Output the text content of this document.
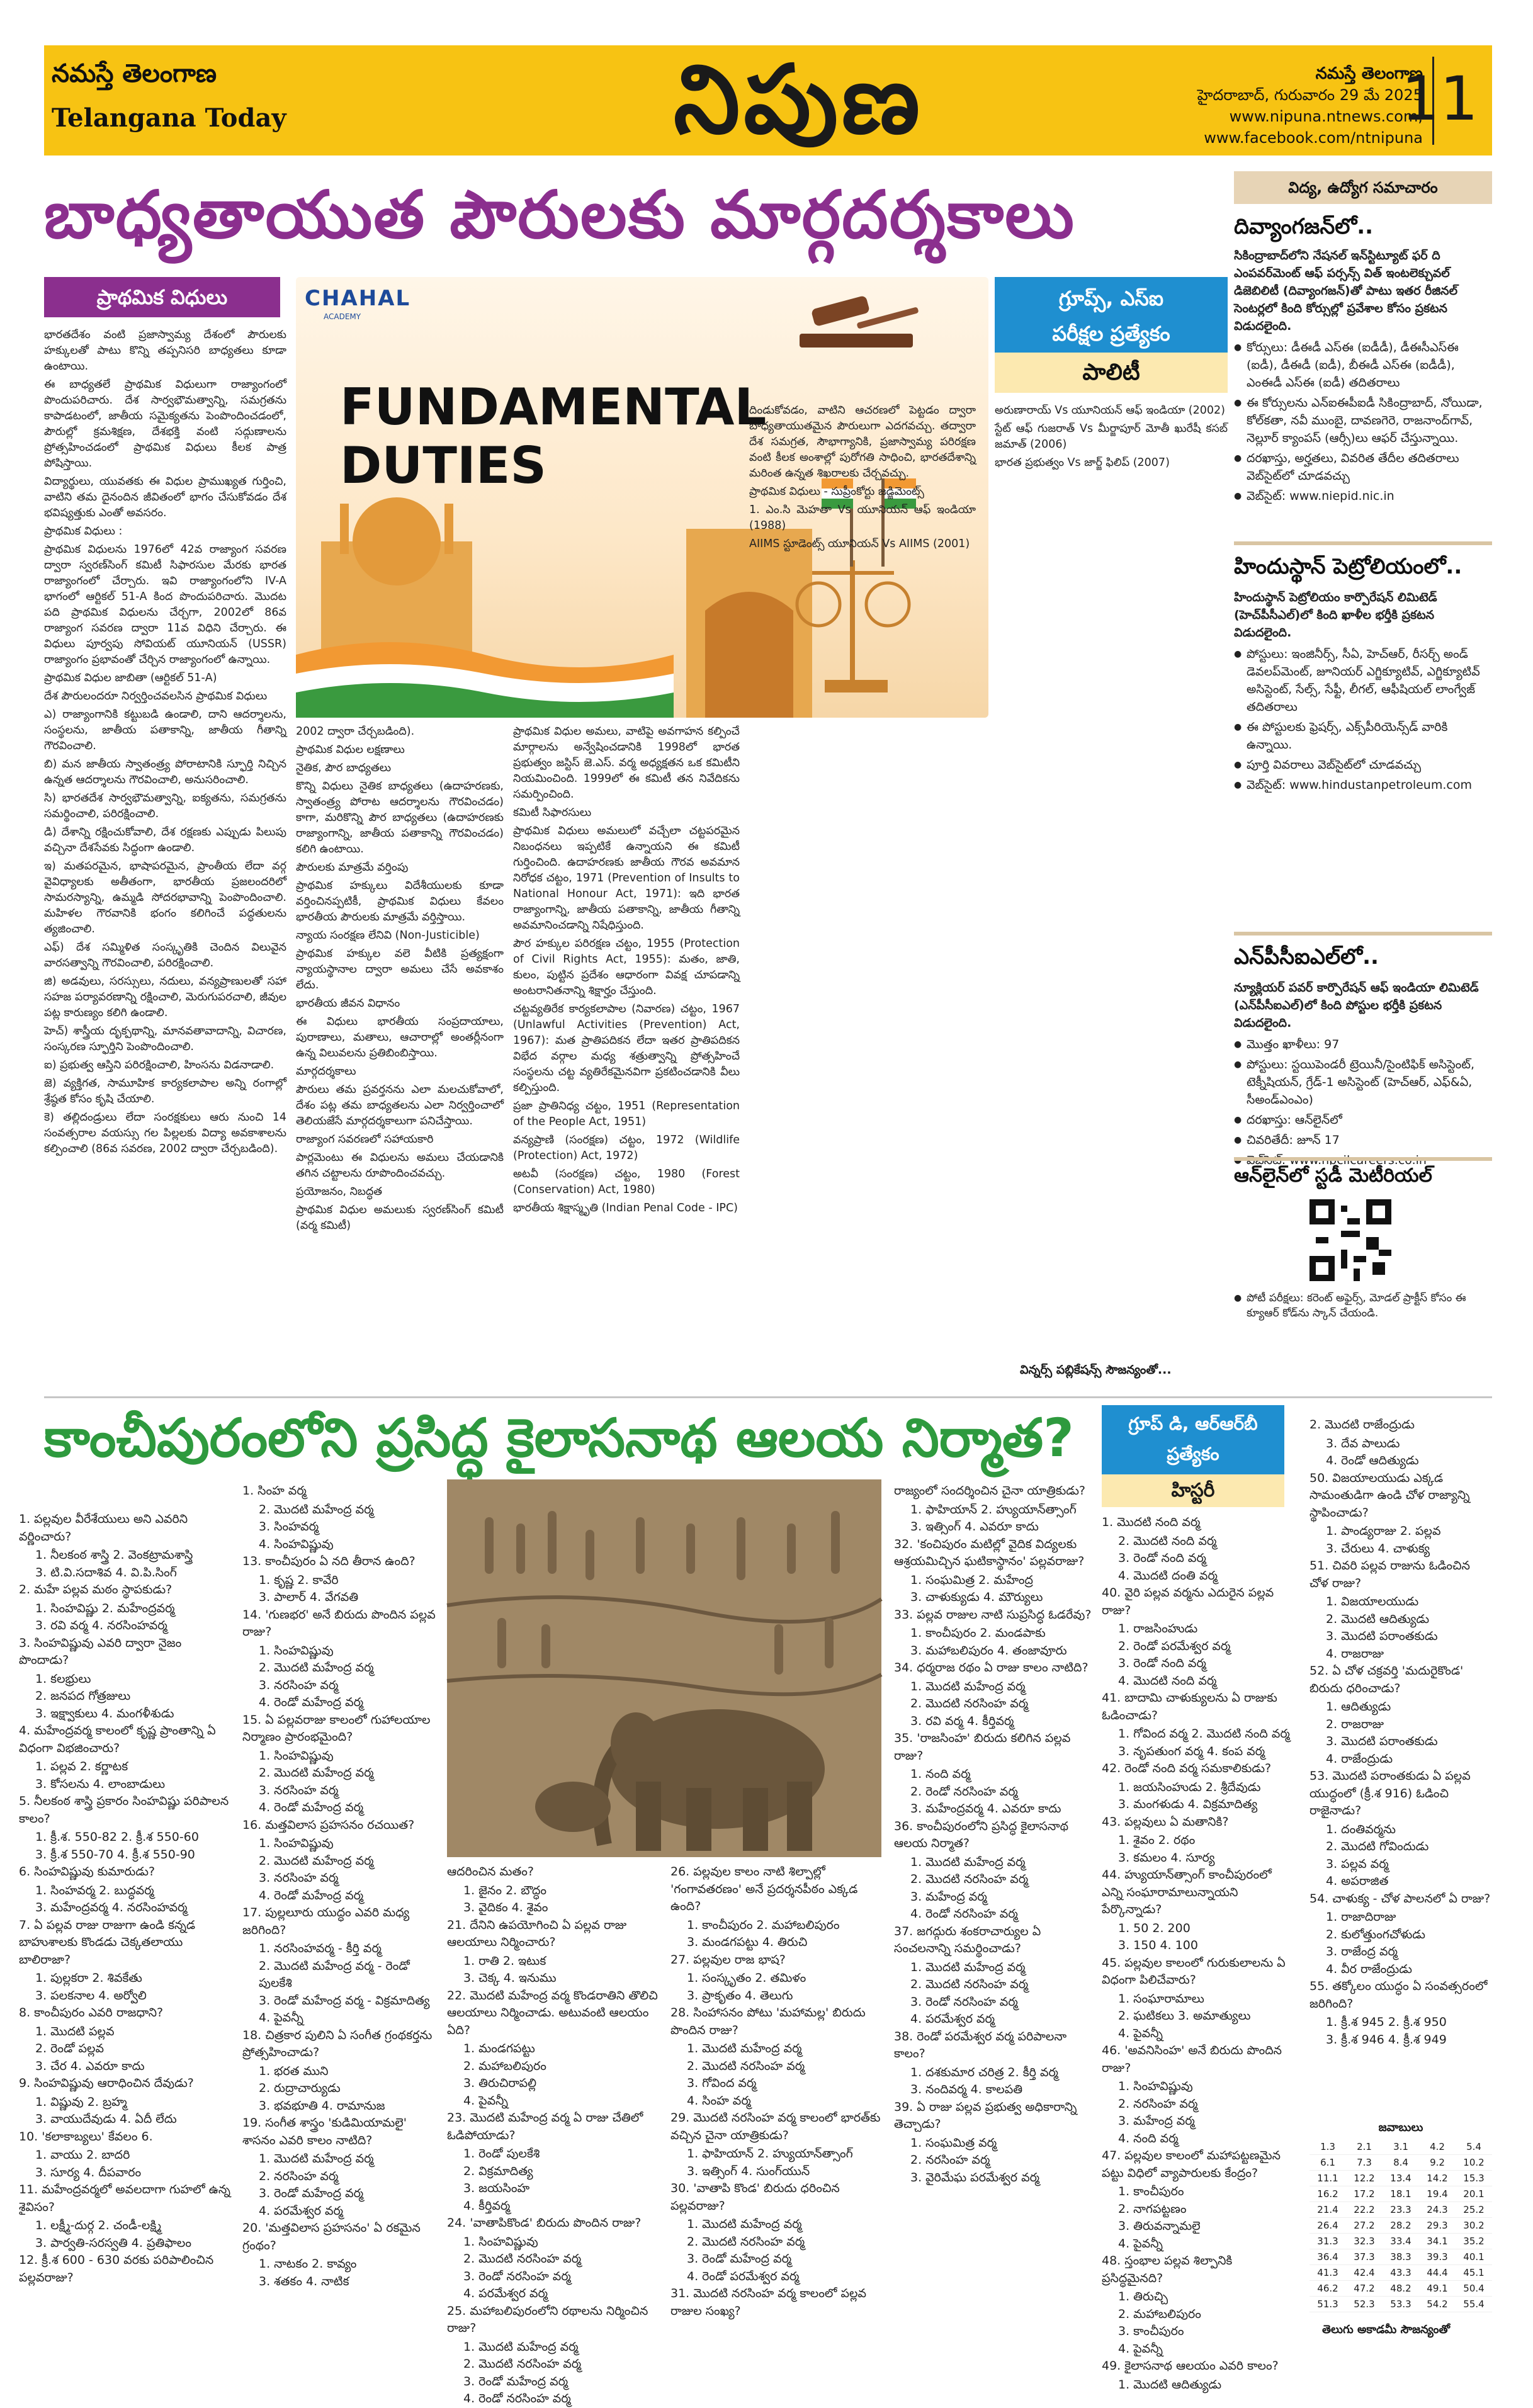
నమస్తే తెలంగాణ
Telangana Today	నిపుణ	నమస్తే తెలంగాణ
హైదరాబాద్, గురువారం 29 మే 2025
www.nipuna.ntnews.com,
www.facebook.com/ntnipuna
11
బాధ్యతాయుత పౌరులకు మార్గదర్శకాలు
ప్రాథమిక విధులు

భారతదేశం వంటి ప్రజాస్వామ్య దేశంలో పౌరులకు హక్కులతో పాటు కొన్ని తప్పనిసరి బాధ్యతలు కూడా ఉంటాయి.

ఈ బాధ్యతలే ప్రాథమిక విధులుగా రాజ్యాంగంలో పొందుపరిచారు. దేశ సార్వభౌమత్వాన్ని, సమగ్రతను కాపాడటంలో, జాతీయ సమైక్యతను పెంపొందించడంలో, పౌరుల్లో క్రమశిక్షణ, దేశభక్తి వంటి సద్గుణాలను ప్రోత్సహించడంలో ప్రాథమిక విధులు కీలక పాత్ర పోషిస్తాయి.

విద్యార్థులు, యువతకు ఈ విధుల ప్రాముఖ్యత గుర్తించి, వాటిని తమ దైనందిన జీవితంలో భాగం చేసుకోవడం దేశ భవిష్యత్తుకు ఎంతో అవసరం.

ప్రాథమిక విధులు :

ప్రాథమిక విధులను 1976లో 42వ రాజ్యాంగ సవరణ ద్వారా స్వరణ్‌సింగ్ కమిటీ సిఫారసుల మేరకు భారత రాజ్యాంగంలో చేర్చారు. ఇవి రాజ్యాంగంలోని IV-A భాగంలో ఆర్టికల్ 51-A కింద పొందుపరిచారు. మొదట పది ప్రాథమిక విధులను చేర్చగా, 2002లో 86వ రాజ్యాంగ సవరణ ద్వారా 11వ విధిని చేర్చారు. ఈ విధులు పూర్వపు సోవియట్ యూనియన్ (USSR) రాజ్యాంగం ప్రభావంతో చేర్చిన రాజ్యాంగంలో ఉన్నాయి.

ప్రాథమిక విధుల జాబితా (ఆర్టికల్ 51-A)

దేశ పౌరులందరూ నిర్వర్తించవలసిన ప్రాథమిక విధులు

ఎ) రాజ్యాంగానికి కట్టుబడి ఉండాలి, దాని ఆదర్శాలను, సంస్థలను, జాతీయ పతాకాన్ని, జాతీయ గీతాన్ని గౌరవించాలి.

బి) మన జాతీయ స్వాతంత్ర్య పోరాటానికి స్ఫూర్తి నిచ్చిన ఉన్నత ఆదర్శాలను గౌరవించాలి, అనుసరించాలి.

సి) భారతదేశ సార్వభౌమత్వాన్ని, ఐక్యతను, సమగ్రతను సమర్థించాలి, పరిరక్షించాలి.

డి) దేశాన్ని రక్షించుకోవాలి, దేశ రక్షణకు ఎప్పుడు పిలుపు వచ్చినా దేశసేవకు సిద్ధంగా ఉండాలి.

ఇ) మతపరమైన, భాషాపరమైన, ప్రాంతీయ లేదా వర్గ వైవిధ్యాలకు అతీతంగా, భారతీయ ప్రజలందరిలో సామరస్యాన్ని, ఉమ్మడి సోదరభావాన్ని పెంపొందించాలి. మహిళల గౌరవానికి భంగం కలిగించే పద్ధతులను త్యజించాలి.

ఎఫ్) దేశ సమ్మిళిత సంస్కృతికి చెందిన విలువైన వారసత్వాన్ని గౌరవించాలి, పరిరక్షించాలి.

జి) అడవులు, సరస్సులు, నదులు, వన్యప్రాణులతో సహా సహజ పర్యావరణాన్ని రక్షించాలి, మెరుగుపరచాలి, జీవుల పట్ల కారుణ్యం కలిగి ఉండాలి.

హెచ్) శాస్త్రీయ దృక్పథాన్ని, మానవతావాదాన్ని, విచారణ, సంస్కరణ స్ఫూర్తిని పెంపొందించాలి.

ఐ) ప్రభుత్వ ఆస్తిని పరిరక్షించాలి, హింసను విడనాడాలి.

జె) వ్యక్తిగత, సామూహిక కార్యకలాపాల అన్ని రంగాల్లో శ్రేష్ఠత కోసం కృషి చేయాలి.

కె) తల్లిదండ్రులు లేదా సంరక్షకులు ఆరు నుంచి 14 సంవత్సరాల వయస్సు గల పిల్లలకు విద్యా అవకాశాలను కల్పించాలి (86వ సవరణ, 2002 ద్వారా చేర్చబడింది).

CHAHAL
ACADEMY
FUNDAMENTAL DUTIES

2002 ద్వారా చేర్చబడింది).

ప్రాథమిక విధుల లక్షణాలు

నైతిక, పౌర బాధ్యతలు

కొన్ని విధులు నైతిక బాధ్యతలు (ఉదాహరణకు, స్వాతంత్ర్య పోరాట ఆదర్శాలను గౌరవించడం) కాగా, మరికొన్ని పౌర బాధ్యతలు (ఉదాహరణకు రాజ్యాంగాన్ని, జాతీయ పతాకాన్ని గౌరవించడం) కలిగి ఉంటాయి.

పౌరులకు మాత్రమే వర్తింపు

ప్రాథమిక హక్కులు విదేశీయులకు కూడా వర్తించినప్పటికీ, ప్రాథమిక విధులు కేవలం భారతీయ పౌరులకు మాత్రమే వర్తిస్తాయి.

న్యాయ సంరక్షణ లేనివి (Non-Justicible)

ప్రాథమిక హక్కుల వలె వీటికి ప్రత్యక్షంగా న్యాయస్థానాల ద్వారా అమలు చేసే అవకాశం లేదు.

భారతీయ జీవన విధానం

ఈ విధులు భారతీయ సంప్రదాయాలు, పురాణాలు, మతాలు, ఆచారాల్లో అంతర్లీనంగా ఉన్న విలువలను ప్రతిబింబిస్తాయి.

మార్గదర్శకాలు

పౌరులు తమ ప్రవర్తనను ఎలా మలచుకోవాలో, దేశం పట్ల తమ బాధ్యతలను ఎలా నిర్వర్తించాలో తెలియజేసే మార్గదర్శకాలుగా పనిచేస్తాయి.

రాజ్యాంగ సవరణలో సహాయకారి

పార్లమెంటు ఈ విధులను అమలు చేయడానికి తగిన చట్టాలను రూపొందించవచ్చు.

ప్రయోజనం, నిబద్ధత

ప్రాథమిక విధుల అమలుకు స్వరణ్‌సింగ్ కమిటీ (వర్మ కమిటీ)

ప్రాథమిక విధుల అమలు, వాటిపై అవగాహన కల్పించే మార్గాలను అన్వేషించడానికి 1998లో భారత ప్రభుత్వం జస్టిస్ జె.ఎస్. వర్మ అధ్యక్షతన ఒక కమిటీని నియమించింది. 1999లో ఈ కమిటీ తన నివేదికను సమర్పించింది.

కమిటీ సిఫారసులు

ప్రాథమిక విధులు అమలులో వచ్చేలా చట్టపరమైన నిబంధనలు ఇప్పటికే ఉన్నాయని ఈ కమిటీ గుర్తించింది. ఉదాహరణకు జాతీయ గౌరవ అవమాన నిరోధక చట్టం, 1971 (Prevention of Insults to National Honour Act, 1971): ఇది భారత రాజ్యాంగాన్ని, జాతీయ పతాకాన్ని, జాతీయ గీతాన్ని అవమానించడాన్ని నిషేధిస్తుంది.

పౌర హక్కుల పరిరక్షణ చట్టం, 1955 (Protection of Civil Rights Act, 1955): మతం, జాతి, కులం, పుట్టిన ప్రదేశం ఆధారంగా వివక్ష చూపడాన్ని అంటరానితనాన్ని శిక్షార్హం చేస్తుంది.

చట్టవ్యతిరేక కార్యకలాపాల (నివారణ) చట్టం, 1967 (Unlawful Activities (Prevention) Act, 1967): మత ప్రాతిపదికన లేదా ఇతర ప్రాతిపదికన విభేద వర్గాల మధ్య శత్రుత్వాన్ని ప్రోత్సహించే సంస్థలను చట్ట వ్యతిరేకమైనవిగా ప్రకటించడానికి వీలు కల్పిస్తుంది.

ప్రజా ప్రాతినిధ్య చట్టం, 1951 (Representation of the People Act, 1951)

వన్యప్రాణి (సంరక్షణ) చట్టం, 1972 (Wildlife (Protection) Act, 1972)

అటవీ (సంరక్షణ) చట్టం, 1980 (Forest (Conservation) Act, 1980)

భారతీయ శిక్షాస్మృతి (Indian Penal Code - IPC)

గ్రూప్స్, ఎస్‌ఐ
పరీక్షల ప్రత్యేకం
పాలిటీ

దిండుకోవడం, వాటిని ఆచరణలో పెట్టడం ద్వారా బాధ్యతాయుతమైన పౌరులుగా ఎదగవచ్చు. తద్వారా దేశ సమగ్రత, సౌభాగ్యానికి, ప్రజాస్వామ్య పరిరక్షణ వంటి కీలక అంశాల్లో పురోగతి సాధించి, భారతదేశాన్ని మరింత ఉన్నత శిఖరాలకు చేర్చవచ్చు.

ప్రాథమిక విధులు - సుప్రీంకోర్టు జడ్జిమెంట్స్

1. ఎం.సి మెహతా Vs యూనియన్ ఆఫ్ ఇండియా (1988)

AIIMS స్టూడెంట్స్ యూనియన్ Vs AIIMS (2001)

అరుణారాయ్ Vs యూనియన్ ఆఫ్ ఇండియా (2002)

స్టేట్ ఆఫ్ గుజరాత్ Vs మీర్జాపూర్ మోతీ ఖురేషీ కసబ్ జమాత్ (2006)

భారత ప్రభుత్వం Vs జార్జ్ ఫిలిప్ (2007)

విన్నర్స్ పబ్లికేషన్స్ సౌజన్యంతో...
విద్య, ఉద్యోగ సమాచారం
దివ్యాంగజన్‌లో..

సికింద్రాబాద్‌లోని నేషనల్ ఇన్‌స్టిట్యూట్ ఫర్ ది ఎంపవర్‌మెంట్ ఆఫ్ పర్సన్స్ విత్ ఇంటలెక్చువల్ డిజెబిలిటీ (దివ్యాంగజన్)తో పాటు ఇతర రీజినల్ సెంటర్లలో కింది కోర్సుల్లో ప్రవేశాల కోసం ప్రకటన విడుదలైంది.

● కోర్సులు: డీఈడీ ఎస్‌ఈ (ఐడీడీ), డీఈసీఎస్‌ఈ (ఐడీ), డీఈడీ (ఐడీ), బీఈడీ ఎస్‌ఈ (ఐడీడీ), ఎంఈడీ ఎస్‌ఈ (ఐడీ) తదితరాలు
● ఈ కోర్సులను ఎన్ఐఈపీఐడీ సికింద్రాబాద్, నోయిడా, కోల్‌కతా, నవీ ముంబై, దావణగెరె, రాజనాంద్‌గావ్, నెల్లూర్ క్యాంపస్ (ఆర్సీ)లు ఆఫర్ చేస్తున్నాయి.
● దరఖాస్తు, అర్హతలు, వివరిత తేదీల తదితరాలు వెబ్‌సైట్‌లో చూడవచ్చు
● వెబ్‌సైట్: www.niepid.nic.in
హిందుస్థాన్ పెట్రోలియంలో..

హిందుస్థాన్ పెట్రోలియం కార్పొరేషన్ లిమిటెడ్ (హెచ్‌పీసీఎల్)లో కింది ఖాళీల భర్తీకి ప్రకటన విడుదలైంది.

● పోస్టులు: ఇంజినీర్స్, సీఏ, హెచ్‌ఆర్, రీసర్చ్ అండ్ డెవలప్‌మెంట్, జూనియర్ ఎగ్జిక్యూటివ్, ఎగ్జిక్యూటివ్ అసిస్టెంట్, సేల్స్, సేఫ్టీ, లీగల్, ఆఫీషియల్ లాంగ్వేజ్ తదితరాలు
● ఈ పోస్టులకు ఫ్రెషర్స్, ఎక్స్‌పీరియెన్స్‌డ్ వారికి ఉన్నాయి.
● పూర్తి వివరాలు వెబ్‌సైట్‌లో చూడవచ్చు
● వెబ్‌సైట్: www.hindustanpetroleum.com
ఎన్‌పీసీఐఎల్‌లో..

న్యూక్లియర్ పవర్ కార్పొరేషన్ ఆఫ్ ఇండియా లిమిటెడ్ (ఎన్‌పీసీఐఎల్)లో కింది పోస్టుల భర్తీకి ప్రకటన విడుదలైంది.

● మొత్తం ఖాళీలు: 97
● పోస్టులు: స్టయిపెండరీ ట్రెయినీ/సైంటిఫిక్ అసిస్టెంట్, టెక్నీషియన్, గ్రేడ్-1 అసిస్టెంట్ (హెచ్‌ఆర్, ఎఫ్&ఏ, సీఅండ్‌ఎంఎం)
● దరఖాస్తు: ఆన్‌లైన్‌లో
● చివరితేదీ: జూన్ 17
●
ఆన్‌లైన్‌లో స్టడీ మెటీరియల్
● పోటీ పరీక్షలు: కరెంట్ అఫైర్స్, మోడల్ ప్రాక్టీస్ కోసం ఈ క్యూఆర్ కోడ్‌ను స్కాన్ చేయండి.
కాంచీపురంలోని ప్రసిద్ధ కైలాసనాథ ఆలయ నిర్మాత?	గ్రూప్ డి, ఆర్‌ఆర్‌బీ
ప్రత్యేకం
హిస్టరీ
1. పల్లవుల వీరేశేయులు అని ఎవరిని వర్ణించారు?
1. నీలకంఠ శాస్త్రి 2. వెంకట్రామశాస్త్రి
3. టి.వి.సదాశివ 4. వి.పి.సింగ్
2. మహే పల్లవ మఠం స్థాపకుడు?
1. సింహవిష్ణు 2. మహేంద్రవర్మ
3. రవి వర్మ 4. నరసింహవర్మ
3. సింహవిష్ణువు ఎవరి ద్వారా నైజం పొందాడు?
1. కలభ్రులు
2. జనపద గోత్రజులు
3. ఇక్ష్వాకులు 4. మంగళీశుడు
4. మహేంద్రవర్మ కాలంలో కృష్ణ ప్రాంతాన్ని ఏ విధంగా విభజించారు?
1. పల్లవ 2. కర్ణాటక
3. కోసలను 4. లాంబాడులు
5. నీలకంఠ శాస్త్రి ప్రకారం సింహవిష్ణు పరిపాలన కాలం?
1. క్రీ.శ. 550-82 2. క్రీ.శ 550-60
3. క్రీ.శ 550-70 4. క్రీ.శ 550-90
6. సింహవిష్ణువు కుమారుడు?
1. సింహవర్మ 2. బుద్ధవర్మ
3. మహేంద్రవర్మ 4. నరసింహవర్మ
7. ఏ పల్లవ రాజు రాజుగా ఉండి కన్నడ బాహుశాలకు కొండడు చెక్కతలాయు బాలిరాజా?
1. పుల్లకరా 2. శివకేతు
3. పలకనాల 4. అర్వోలి
8. కాంచీపురం ఎవరి రాజధాని?
1. మొదటి పల్లవ
2. రెండో పల్లవ
3. చేర 4. ఎవరూ కాదు
9. సింహవిష్ణువు ఆరాధించిన దేవుడు?
1. విష్ణువు 2. బ్రహ్మ
3. వాయుదేవుడు 4. ఏదీ లేదు
10. 'కలాకాబ్యలు' కేవలం 6.
1. వాయు 2. బాదరి
3. సూర్య 4. దీపవారం
11. మహేంద్రవర్మలో అవలదాగా గుహలో ఉన్న శైవిసం?
1. లక్ష్మీ-దుర్గ 2. చండీ-లక్ష్మి
3. పార్వతి-సరస్వతి 4. ప్రతిఫాలం
12. క్రీ.శ 600 - 630 వరకు పరిపాలించిన పల్లవరాజు?
1. సింహ వర్మ
2. మొదటి మహేంద్ర వర్మ
3. సింహవర్మ
4. సింహవిష్ణువు
13. కాంచీపురం ఏ నది తీరాన ఉంది?
1. కృష్ణ 2. కావేరి
3. పాలార్ 4. వేగవతి
14. 'గుణభర' అనే బిరుదు పొందిన పల్లవ రాజు?
1. సింహవిష్ణువు
2. మొదటి మహేంద్ర వర్మ
3. నరసింహ వర్మ
4. రెండో మహేంద్ర వర్మ
15. ఏ పల్లవరాజు కాలంలో గుహాలయాల నిర్మాణం ప్రారంభమైంది?
1. సింహవిష్ణువు
2. మొదటి మహేంద్ర వర్మ
3. నరసింహ వర్మ
4. రెండో మహేంద్ర వర్మ
16. మత్తవిలాస ప్రహసనం రచయిత?
1. సింహవిష్ణువు
2. మొదటి మహేంద్ర వర్మ
3. నరసింహ వర్మ
4. రెండో మహేంద్ర వర్మ
17. పుల్లలూరు యుద్ధం ఎవరి మధ్య జరిగింది?
1. నరసింహవర్మ - కీర్తి వర్మ
2. మొదటి మహేంద్ర వర్మ - రెండో పులకేశి
3. రెండో మహేంద్ర వర్మ - విక్రమాదిత్య
4. పైవన్నీ
18. చిత్రకార పులిని ఏ సంగీత గ్రంథకర్తను ప్రోత్సహించాడు?
1. భరత ముని
2. రుద్రాచార్యుడు
3. భవభూతి 4. రామానుజ
19. సంగీత శాస్త్రం 'కుడిమియామలై' శాసనం ఎవరి కాలం నాటిది?
1. మొదటి మహేంద్ర వర్మ
2. నరసింహ వర్మ
3. రెండో మహేంద్ర వర్మ
4. పరమేశ్వర వర్మ
20. 'మత్తవిలాస ప్రహసనం' ఏ రకమైన గ్రంథం?
1. నాటకం 2. కావ్యం
3. శతకం 4. నాటిక
ఆదరించిన మతం?
1. జైనం 2. బౌద్ధం
3. వైదికం 4. శైవం
21. దేనిని ఉపయోగించి ఏ పల్లవ రాజు ఆలయాలు నిర్మించారు?
1. రాతి 2. ఇటుక
3. చెక్క 4. ఇనుము
22. మొదటి మహేంద్ర వర్మ కొండరాతిని తొలిచి ఆలయాలు నిర్మించాడు. అటువంటి ఆలయం ఏది?
1. మండగపట్టు
2. మహాబలిపురం
3. తిరుచిరాపల్లి
4. పైవన్నీ
23. మొదటి మహేంద్ర వర్మ ఏ రాజు చేతిలో ఓడిపోయాడు?
1. రెండో పులకేశి
2. విక్రమాదిత్య
3. జయసింహ
4. కీర్తివర్మ
24. 'వాతాపికొండ' బిరుదు పొందిన రాజు?
1. సింహవిష్ణువు
2. మొదటి నరసింహ వర్మ
3. రెండో నరసింహ వర్మ
4. పరమేశ్వర వర్మ
25. మహాబలిపురంలోని రథాలను నిర్మించిన రాజు?
1. మొదటి మహేంద్ర వర్మ
2. మొదటి నరసింహ వర్మ
3. రెండో మహేంద్ర వర్మ
4. రెండో నరసింహ వర్మ
26. పల్లవుల కాలం నాటి శిల్పాల్లో 'గంగావతరణం' అనే ప్రదర్శనపీఠం ఎక్కడ ఉంది?
1. కాంచీపురం 2. మహాబలిపురం
3. మండగపట్టు 4. తిరుచి
27. పల్లవుల రాజ భాష?
1. సంస్కృతం 2. తమిళం
3. ప్రాకృతం 4. తెలుగు
28. సింహాసనం పోటు 'మహామల్ల' బిరుదు పొందిన రాజు?
1. మొదటి మహేంద్ర వర్మ
2. మొదటి నరసింహ వర్మ
3. గోవింద వర్మ
4. సింహ వర్మ
29. మొదటి నరసింహ వర్మ కాలంలో భారత్‌కు వచ్చిన చైనా యాత్రికుడు?
1. ఫాహియాన్ 2. హ్యుయాన్‌త్సాంగ్
3. ఇత్సింగ్ 4. సుంగ్‌యున్
30. 'వాతాపి కొండ' బిరుదు ధరించిన పల్లవరాజు?
1. మొదటి మహేంద్ర వర్మ
2. మొదటి నరసింహ వర్మ
3. రెండో మహేంద్ర వర్మ
4. రెండో పరమేశ్వర వర్మ
31. మొదటి నరసింహ వర్మ కాలంలో పల్లవ రాజుల సంఖ్య?
రాజ్యంలో సందర్శించిన చైనా యాత్రికుడు?
1. ఫాహియాన్ 2. హ్యుయాన్‌త్సాంగ్
3. ఇత్సింగ్ 4. ఎవరూ కాదు
32. 'కంచిపురం మటిల్లో వైదిక విద్యలకు ఆశ్రయమిచ్చిన ఘటికాస్థానం' పల్లవరాజు?
1. సంఘమిత్ర 2. మహేంద్ర
3. చాళుక్యుడు 4. మౌర్యులు
33. పల్లవ రాజుల నాటి సుప్రసిద్ధ ఓడరేవు?
1. కాంచీపురం 2. మండపాకు
3. మహాబలిపురం 4. తంజావూరు
34. ధర్మరాజ రథం ఏ రాజు కాలం నాటిది?
1. మొదటి మహేంద్ర వర్మ
2. మొదటి నరసింహ వర్మ
3. రవి వర్మ 4. కీర్తివర్మ
35. 'రాజసింహ' బిరుదు కలిగిన పల్లవ రాజు?
1. నంది వర్మ
2. రెండో నరసింహ వర్మ
3. మహేంద్రవర్మ 4. ఎవరూ కాదు
36. కాంచీపురంలోని ప్రసిద్ధ కైలాసనాథ ఆలయ నిర్మాత?
1. మొదటి మహేంద్ర వర్మ
2. మొదటి నరసింహ వర్మ
3. మహేంద్ర వర్మ
4. రెండో నరసింహ వర్మ
37. జగద్గురు శంకరాచార్యుల ఏ సంచలనాన్ని సమర్థించాడు?
1. మొదటి మహేంద్ర వర్మ
2. మొదటి నరసింహ వర్మ
3. రెండో నరసింహ వర్మ
4. పరమేశ్వర వర్మ
38. రెండో పరమేశ్వర వర్మ పరిపాలనా కాలం?
1. దశకుమార చరిత్ర 2. కీర్తి వర్మ
3. నందివర్మ 4. కాలపతి
39. ఏ రాజు పల్లవ ప్రభుత్వ అధికారాన్ని తెచ్చాడు?
1. సంఘమిత్ర వర్మ
2. నరసింహ వర్మ
3. వైరిమేఘ పరమేశ్వర వర్మ
1. మొదటి నంది వర్మ
2. మొదటి నంది వర్మ
3. రెండో నంది వర్మ
4. మొదటి దంతి వర్మ
40. వైరి పల్లవ వర్మను ఎదురైన పల్లవ రాజు?
1. రాజసింహుడు
2. రెండో పరమేశ్వర వర్మ
3. రెండో నంది వర్మ
4. మొదటి నంది వర్మ
41. బాదామి చాళుక్యులను ఏ రాజుకు ఓడించాడు?
1. గోవింద వర్మ 2. మొదటి నంది వర్మ
3. నృపతుంగ వర్మ 4. కంప వర్మ
42. రెండో నంది వర్మ సమకాలికుడు?
1. జయసింహుడు 2. శ్రీదేవుడు
3. మంగళుడు 4. విక్రమాదిత్య
43. పల్లవులు ఏ మతానికి?
1. శైవం 2. రథం
3. కమలం 4. సూర్య
44. హ్యుయాన్‌త్సాంగ్ కాంచీపురంలో ఎన్ని సంఘారామాలున్నాయని పేర్కొన్నాడు?
1. 50 2. 200
3. 150 4. 100
45. పల్లవుల కాలంలో గురుకులాలను ఏ విధంగా పిలిచేవారు?
1. సంఘారామాలు
2. ఘటికలు 3. అమాత్యులు
4. పైవన్నీ
46. 'అవనిసింహ' అనే బిరుదు పొందిన రాజు?
1. సింహవిష్ణువు
2. నరసింహ వర్మ
3. మహేంద్ర వర్మ
4. నంది వర్మ
47. పల్లవుల కాలంలో మహాపట్టణమైన పట్టు విధిలో వ్యాపారులకు కేంద్రం?
1. కాంచీపురం
2. నాగపట్టణం
3. తిరువన్నామలై
4. పైవన్నీ
48. స్తంభాల పల్లవ శిల్పానికి ప్రసిద్ధమైనది?
1. తిరుచ్చి
2. మహాబలిపురం
3. కాంచీపురం
4. పైవన్నీ
49. కైలాసనాథ ఆలయం ఎవరి కాలం?
1. మొదటి ఆదిత్యుడు
2. మొదటి రాజేంద్రుడు
3. దేవ పాలుడు
4. రెండో ఆదిత్యుడు
50. విజయాలయుడు ఎక్కడ సామంతుడిగా ఉండి చోళ రాజ్యాన్ని స్థాపించాడు?
1. పాండ్యరాజు 2. పల్లవ
3. చేరులు 4. చాళుక్య
51. చివరి పల్లవ రాజును ఓడించిన చోళ రాజు?
1. విజయాలయుడు
2. మొదటి ఆదిత్యుడు
3. మొదటి పరాంతకుడు
4. రాజరాజు
52. ఏ చోళ చక్రవర్తి 'మదురైకొండ' బిరుదు ధరించాడు?
1. ఆదిత్యుడు
2. రాజరాజు
3. మొదటి పరాంతకుడు
4. రాజేంద్రుడు
53. మొదటి పరాంతకుడు ఏ పల్లవ యుద్ధంలో (క్రీ.శ 916) ఓడించి రాజైనాడు?
1. దంతివర్మను
2. మొదటి గోవిందుడు
3. పల్లవ వర్మ
4. అపరాజిత
54. చాళుక్య - చోళ పాలనలో ఏ రాజు?
1. రాజాదిరాజు
2. కులోత్తుంగచోళుడు
3. రాజేంద్ర వర్మ
4. వీర రాజేంద్రుడు
55. తక్కోలం యుద్ధం ఏ సంవత్సరంలో జరిగింది?
1. క్రీ.శ 945 2. క్రీ.శ 950
3. క్రీ.శ 946 4. క్రీ.శ 949
జవాబులు				
1.3	2.1	3.1	4.2	5.4
6.1	7.3	8.4	9.2	10.2
11.1	12.2	13.4	14.2	15.3
16.2	17.2	18.1	19.4	20.1
21.4	22.2	23.3	24.3	25.2
26.4	27.2	28.2	29.3	30.2
31.3	32.3	33.4	34.1	35.2
36.4	37.3	38.3	39.3	40.1
41.3	42.4	43.3	44.4	45.1
46.2	47.2	48.2	49.1	50.4
51.3	52.3	53.3	54.2	55.4
తెలుగు అకాడమీ సౌజన్యంతో
